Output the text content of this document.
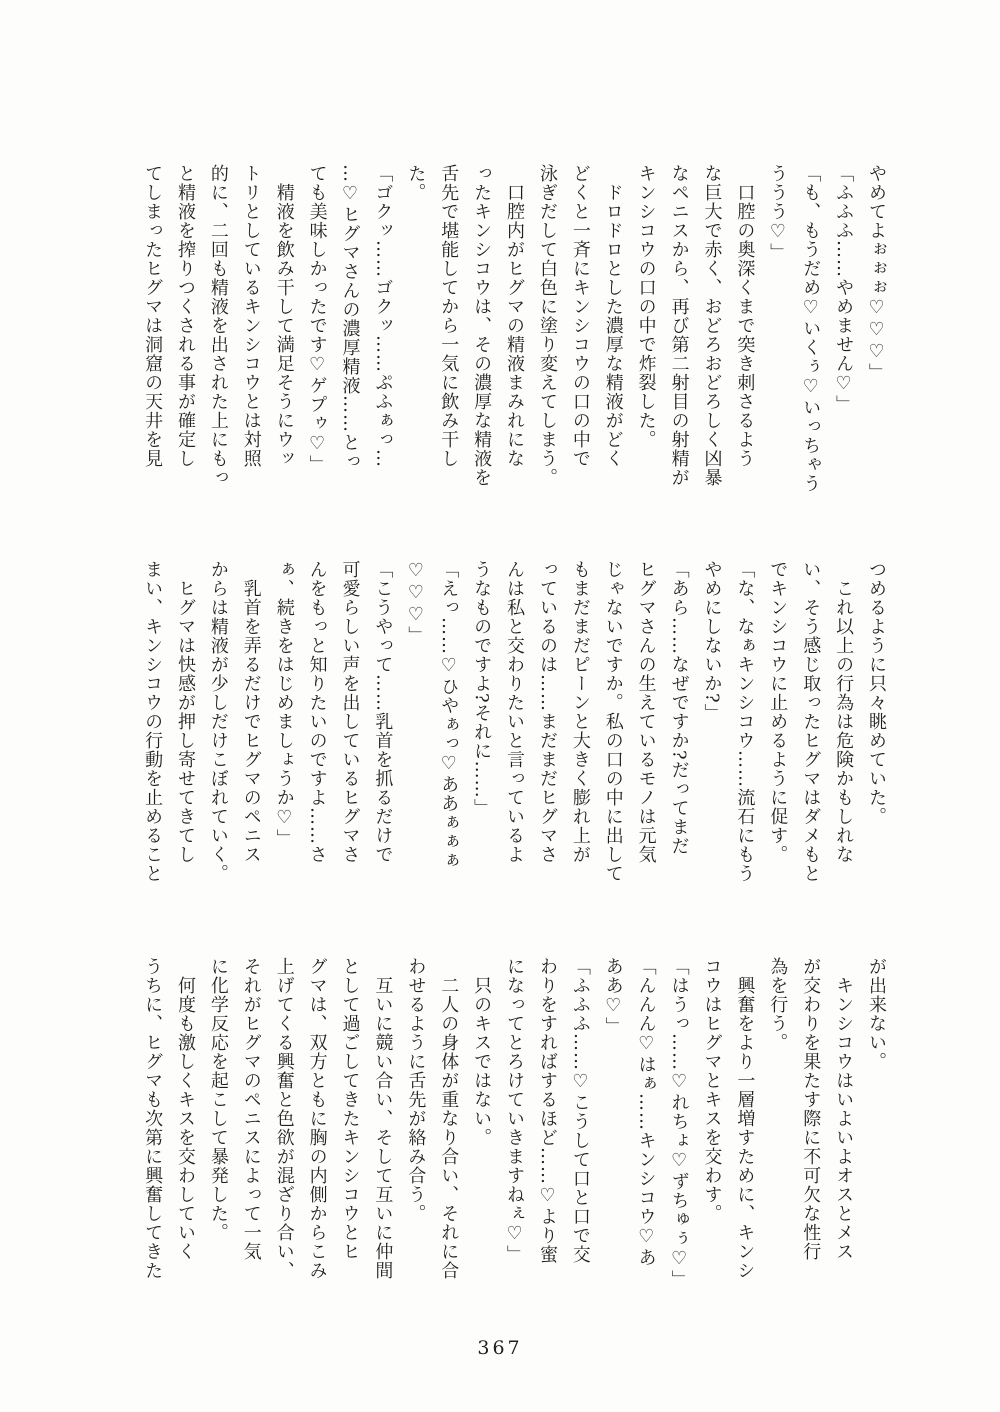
やめてよぉぉぉ♡♡♡」

「ふふふ……やめません♡」

「も、もうだめ♡いくぅ♡いっちゃう

ううう♡」

口腔の奥深くまで突き刺さるよう

な巨大で赤く、おどろおどろしく凶暴

なペニスから、再び第二射目の射精が

キンシコウの口の中で炸裂した。

ドロドロとした濃厚な精液がどく

どくと一斉にキンシコウの口の中で

泳ぎだして白色に塗り変えてしまう。

口腔内がヒグマの精液まみれにな

ったキンシコウは、その濃厚な精液を

舌先で堪能してから一気に飲み干し

た。

「ゴクッ……ゴクッ……ぷふぁっ…

…♡ヒグマさんの濃厚精液……とっ

ても美味しかったです♡ゲプゥ♡」

精液を飲み干して満足そうにウッ

トリとしているキンシコウとは対照

的に、二回も精液を出された上にもっ

と精液を搾りつくされる事が確定し

てしまったヒグマは洞窟の天井を見

つめるように只々眺めていた。

これ以上の行為は危険かもしれな

い、そう感じ取ったヒグマはダメもと

でキンシコウに止めるように促す。

「な、なぁキンシコウ……流石にもう

やめにしないか?」

「あら……なぜですか?だってまだ

ヒグマさんの生えているモノは元気

じゃないですか。私の口の中に出して

もまだまだピーンと大きく膨れ上が

っているのは……まだまだヒグマさ

んは私と交わりたいと言っているよ

うなものですよ?それに……」

「えっ……♡ひやぁっ♡ああぁぁぁ

♡♡♡」

「こうやって……乳首を抓るだけで

可愛らしい声を出しているヒグマさ

んをもっと知りたいのですよ……さ

ぁ、続きをはじめましょうか♡」

乳首を弄るだけでヒグマのペニス

からは精液が少しだけこぼれていく。

ヒグマは快感が押し寄せてきてし

まい、キンシコウの行動を止めること

が出来ない。

キンシコウはいよいよオスとメス

が交わりを果たす際に不可欠な性行

為を行う。

興奮をより一層増すために、キンシ

コウはヒグマとキスを交わす。

「はうっ……♡れちょ♡ずちゅぅ♡」

「んんん♡はぁ……キンシコウ♡あ

ああ♡」

「ふふふ……♡こうして口と口で交

わりをすればするほど……♡より蜜

になってとろけていきますねぇ♡」

只のキスではない。

二人の身体が重なり合い、それに合

わせるように舌先が絡み合う。

互いに競い合い、そして互いに仲間

として過ごしてきたキンシコウとヒ

グマは、双方ともに胸の内側からこみ

上げてくる興奮と色欲が混ざり合い、

それがヒグマのペニスによって一気

に化学反応を起こして暴発した。

何度も激しくキスを交わしていく

うちに、ヒグマも次第に興奮してきた

367
